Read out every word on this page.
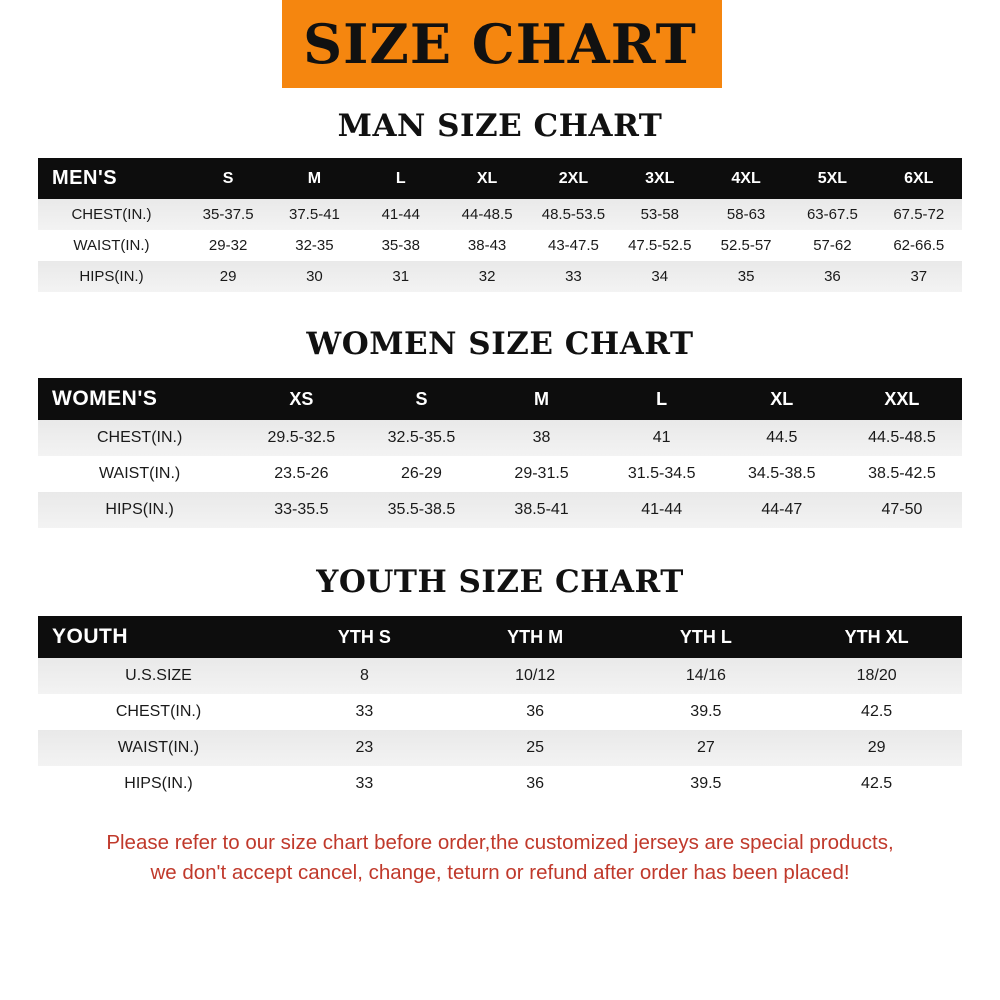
SIZE CHART
MAN SIZE CHART
MEN'S	S	M	L	XL	2XL	3XL	4XL	5XL	6XL
CHEST(IN.)	35-37.5	37.5-41	41-44	44-48.5	48.5-53.5	53-58	58-63	63-67.5	67.5-72
WAIST(IN.)	29-32	32-35	35-38	38-43	43-47.5	47.5-52.5	52.5-57	57-62	62-66.5
HIPS(IN.)	29	30	31	32	33	34	35	36	37
WOMEN SIZE CHART
WOMEN'S	XS	S	M	L	XL	XXL
CHEST(IN.)	29.5-32.5	32.5-35.5	38	41	44.5	44.5-48.5
WAIST(IN.)	23.5-26	26-29	29-31.5	31.5-34.5	34.5-38.5	38.5-42.5
HIPS(IN.)	33-35.5	35.5-38.5	38.5-41	41-44	44-47	47-50
YOUTH SIZE CHART
YOUTH	YTH S	YTH M	YTH L	YTH XL
U.S.SIZE	8	10/12	14/16	18/20
CHEST(IN.)	33	36	39.5	42.5
WAIST(IN.)	23	25	27	29
HIPS(IN.)	33	36	39.5	42.5
Please refer to our size chart before order,the customized jerseys are special products,
we don't accept cancel, change, teturn or refund after order has been placed!
